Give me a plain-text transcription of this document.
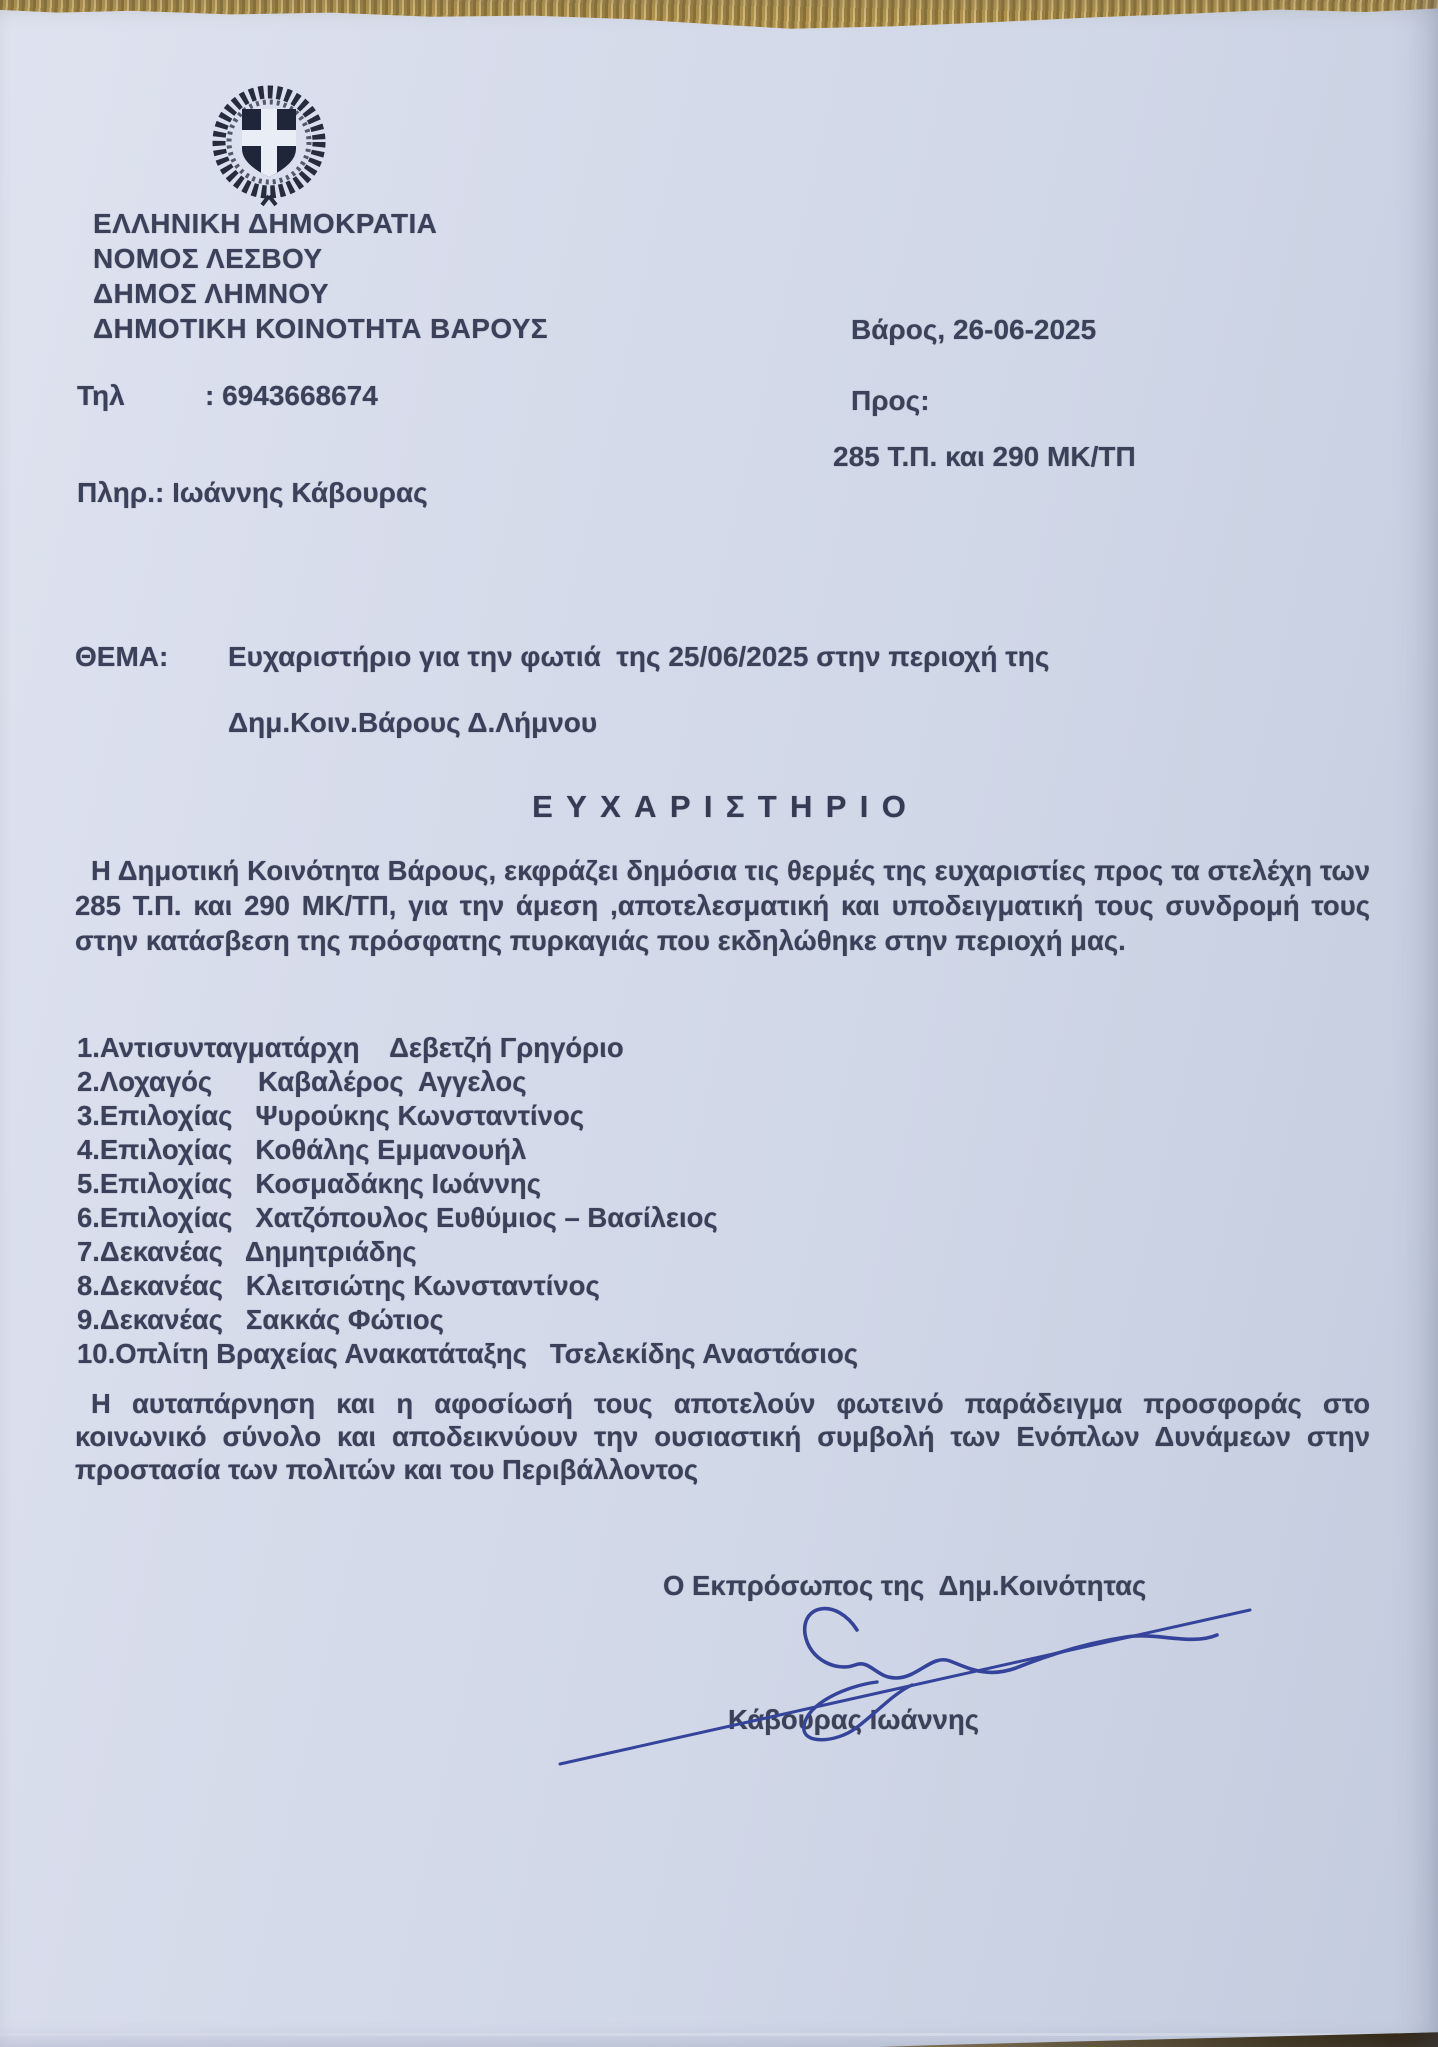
ΕΛΛΗΝΙΚΗ ΔΗΜΟΚΡΑΤΙΑ
ΝΟΜΟΣ ΛΕΣΒΟΥ
ΔΗΜΟΣ ΛΗΜΝΟΥ
ΔΗΜΟΤΙΚΗ ΚΟΙΝΟΤΗΤΑ ΒΑΡΟΥΣ	Βάρος, 26-06-2025
Τηλ	: 6943668674	Προς:
285 Τ.Π. και 290 ΜΚ/ΤΠ
Πληρ.: Ιωάννης Κάβουρας
ΘΕΜΑ:	Ευχαριστήριο για την φωτιά  της 25/06/2025 στην περιοχή της
Δημ.Κοιν.Βάρους Δ.Λήμνου
ΕΥΧΑΡΙΣΤΗΡΙΟ
Η Δημοτική Κοινότητα Βάρους, εκφράζει δημόσια τις θερμές της ευχαριστίες προς τα στελέχη των 285 Τ.Π. και 290 ΜΚ/ΤΠ, για την άμεση ,αποτελεσματική και υποδειγματική τους συνδρομή τους στην κατάσβεση της πρόσφατης πυρκαγιάς που εκδηλώθηκε στην περιοχή μας.
1.Αντισυνταγματάρχη    Δεβετζή Γρηγόριο
2.Λοχαγός      Καβαλέρος  Αγγελος
3.Επιλοχίας   Ψυρούκης Κωνσταντίνος
4.Επιλοχίας   Κοθάλης Εμμανουήλ
5.Επιλοχίας   Κοσμαδάκης Ιωάννης
6.Επιλοχίας   Χατζόπουλος Ευθύμιος – Βασίλειος
7.Δεκανέας   Δημητριάδης
8.Δεκανέας   Κλειτσιώτης Κωνσταντίνος
9.Δεκανέας   Σακκάς Φώτιος
10.Οπλίτη Βραχείας Ανακατάταξης   Τσελεκίδης Αναστάσιος
Η αυταπάρνηση και η αφοσίωσή τους αποτελούν φωτεινό παράδειγμα προσφοράς στο κοινωνικό σύνολο και αποδεικνύουν την ουσιαστική συμβολή των Ενόπλων Δυνάμεων στην προστασία των πολιτών και του Περιβάλλοντος
Ο Εκπρόσωπος της  Δημ.Κοινότητας
Κάβουρας Ιωάννης
